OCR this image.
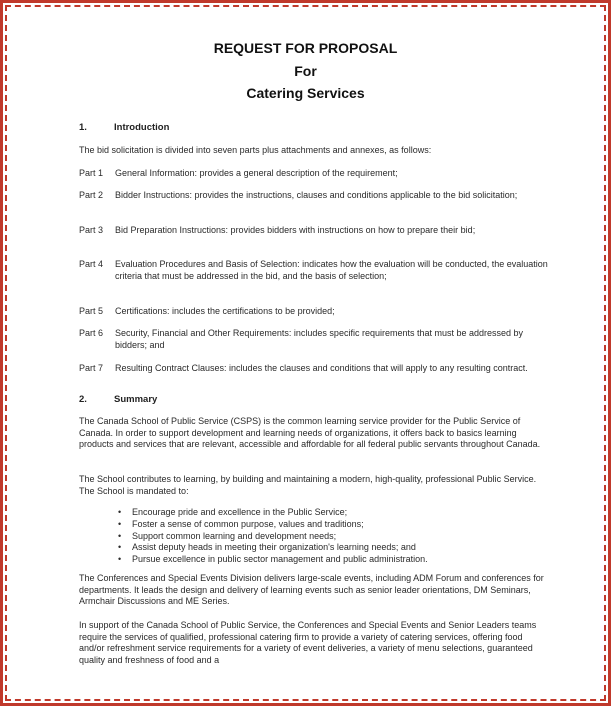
REQUEST FOR PROPOSAL
For
Catering Services
1.	Introduction
The bid solicitation is divided into seven parts plus attachments and annexes, as follows:
Part 1 General Information: provides a general description of the requirement;
Part 2 Bidder Instructions: provides the instructions, clauses and conditions applicable to the bid solicitation;
Part 3 Bid Preparation Instructions: provides bidders with instructions on how to prepare their bid;
Part 4 Evaluation Procedures and Basis of Selection: indicates how the evaluation will be conducted, the evaluation criteria that must be addressed in the bid, and the basis of selection;
Part 5 Certifications: includes the certifications to be provided;
Part 6 Security, Financial and Other Requirements: includes specific requirements that must be addressed by bidders; and
Part 7 Resulting Contract Clauses: includes the clauses and conditions that will apply to any resulting contract.
2.	Summary
The Canada School of Public Service (CSPS) is the common learning service provider for the Public Service of Canada. In order to support development and learning needs of organizations, it offers back to basics learning products and services that are relevant, accessible and affordable for all federal public servants throughout Canada.
The School contributes to learning, by building and maintaining a modern, high-quality, professional Public Service. The School is mandated to:
• Encourage pride and excellence in the Public Service;
• Foster a sense of common purpose, values and traditions;
• Support common learning and development needs;
• Assist deputy heads in meeting their organization's learning needs; and
• Pursue excellence in public sector management and public administration.
The Conferences and Special Events Division delivers large-scale events, including ADM Forum and conferences for departments. It leads the design and delivery of learning events such as senior leader orientations, DM Seminars, Armchair Discussions and ME Series.
In support of the Canada School of Public Service, the Conferences and Special Events and Senior Leaders teams require the services of qualified, professional catering firm to provide a variety of catering services, offering food and/or refreshment service requirements for a variety of event deliveries, a variety of menu selections, guaranteed quality and freshness of food and a
